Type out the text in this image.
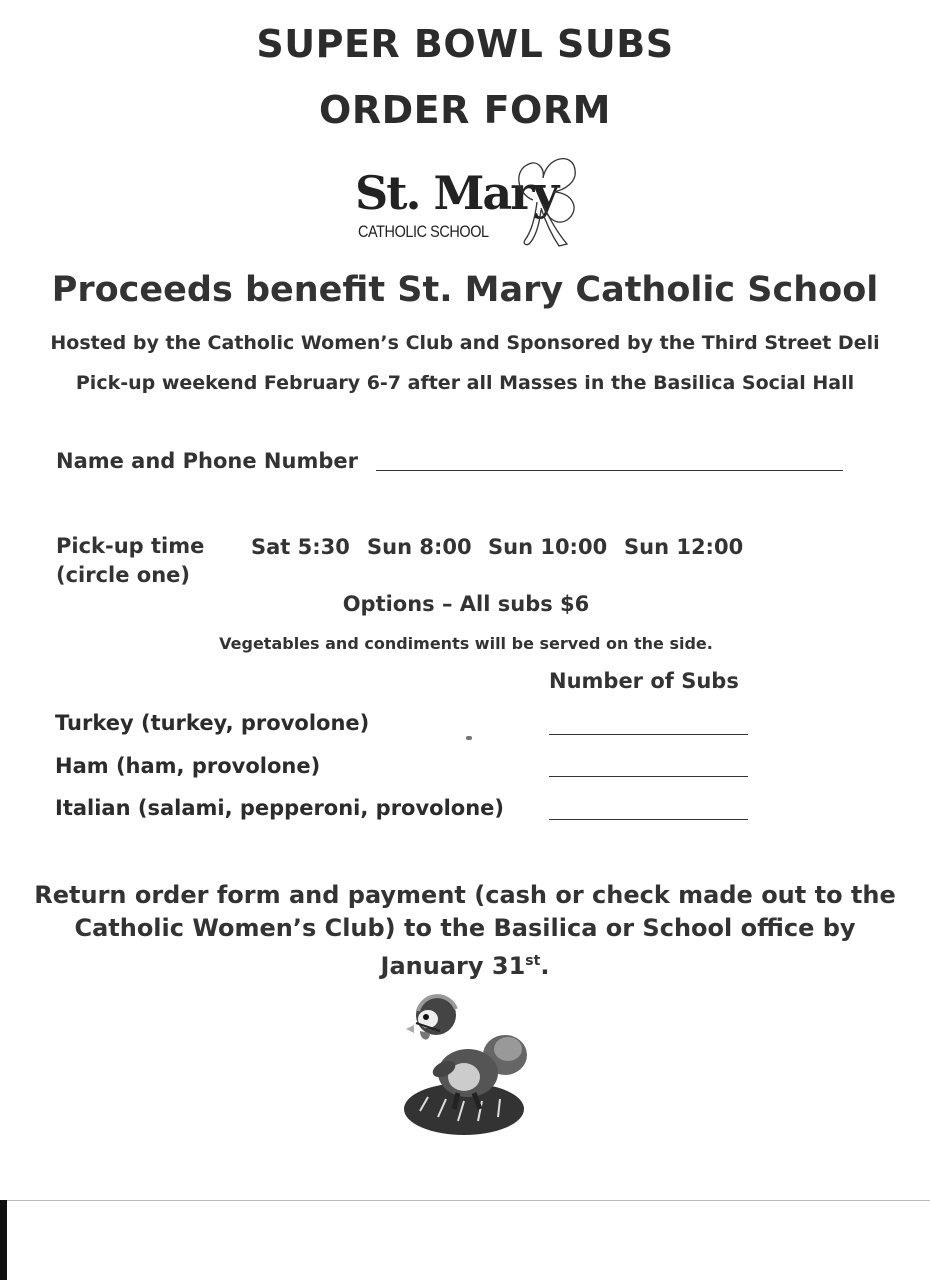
SUPER BOWL SUBS
ORDER FORM
St. Mary
CATHOLIC SCHOOL
Proceeds benefit St. Mary Catholic School
Hosted by the Catholic Women’s Club and Sponsored by the Third Street Deli
Pick-up weekend February 6-7 after all Masses in the Basilica Social Hall
Name and Phone Number
Pick-up time
(circle one)
Sat 5:30 Sun 8:00 Sun 10:00 Sun 12:00
Options – All subs $6
Vegetables and condiments will be served on the side.
Number of Subs
Turkey (turkey, provolone)
Ham (ham, provolone)
Italian (salami, pepperoni, provolone)
Return order form and payment (cash or check made out to the
Catholic Women’s Club) to the Basilica or School office by
January 31st.
